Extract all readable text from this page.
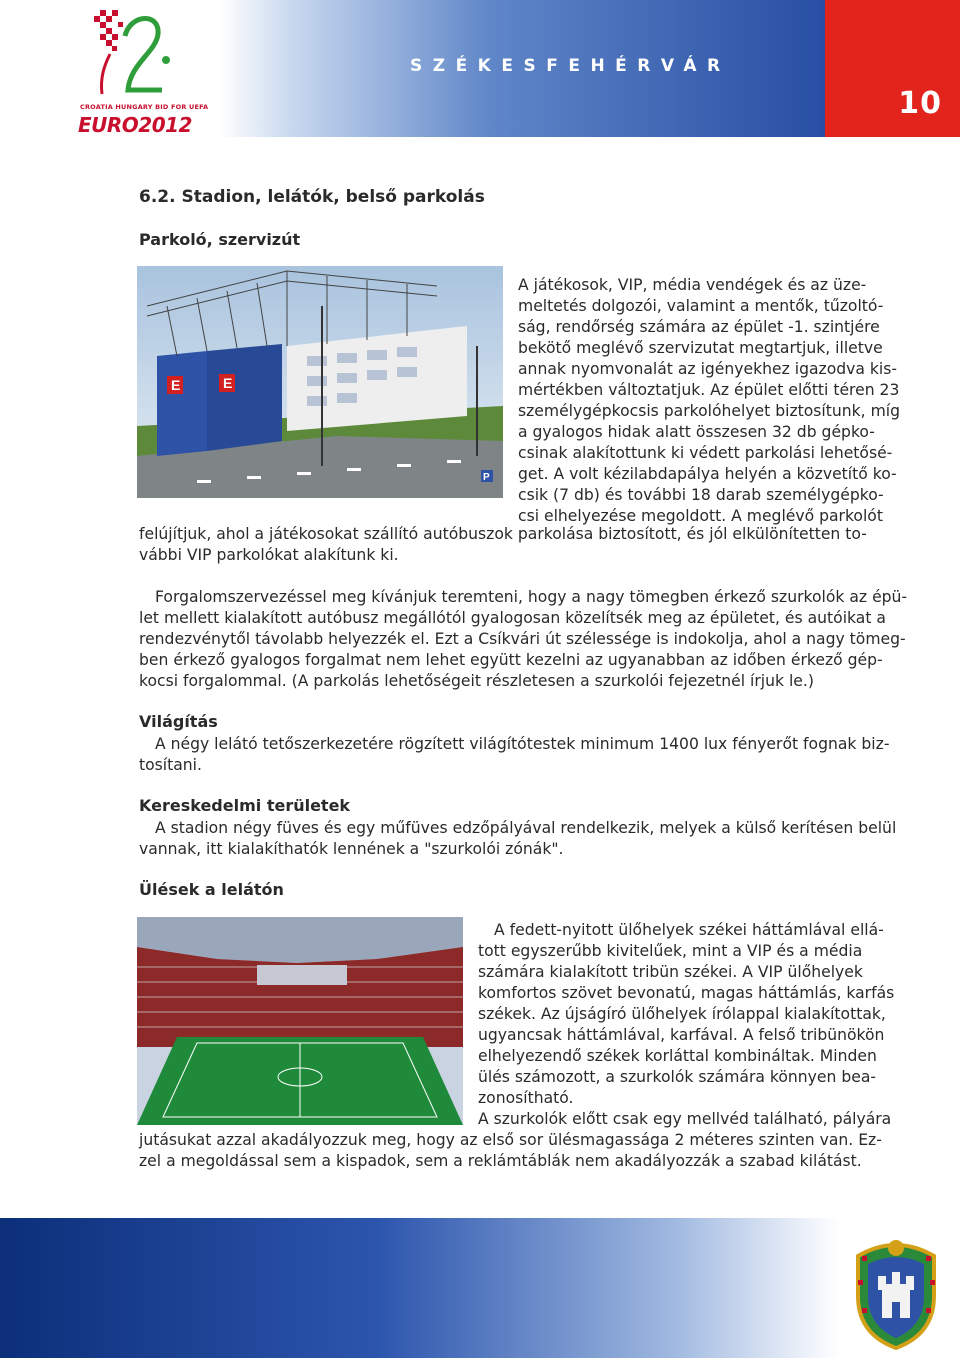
CROATIA HUNGARY BID FOR UEFA
EURO2012
SZÉKESFEHÉRVÁR
10
6.2. Stadion, lelátók, belső parkolás
Parkoló, szervizút
E	E
P
A játékosok, VIP, média vendégek és az üze-
meltetés dolgozói, valamint a mentők, tűzoltó-
ság, rendőrség számára az épület -1. szintjére
bekötő meglévő szervizutat megtartjuk, illetve
annak nyomvonalát az igényekhez igazodva kis-
mértékben változtatjuk. Az épület előtti téren 23
személygépkocsis parkolóhelyet biztosítunk, míg
a gyalogos hidak alatt összesen 32 db gépko-
csinak alakítottunk ki védett parkolási lehetősé-
get. A volt kézilabdapálya helyén a közvetítő ko-
csik (7 db) és további 18 darab személygépko-
csi elhelyezése megoldott. A meglévő parkolót
felújítjuk, ahol a játékosokat szállító autóbuszok parkolása biztosított, és jól elkülönítetten to-
vábbi VIP parkolókat alakítunk ki.
Forgalomszervezéssel meg kívánjuk teremteni, hogy a nagy tömegben érkező szurkolók az épü-
let mellett kialakított autóbusz megállótól gyalogosan közelítsék meg az épületet, és autóikat a
rendezvénytől távolabb helyezzék el. Ezt a Csíkvári út szélessége is indokolja, ahol a nagy tömeg-
ben érkező gyalogos forgalmat nem lehet együtt kezelni az ugyanabban az időben érkező gép-
kocsi forgalommal. (A parkolás lehetőségeit részletesen a szurkolói fejezetnél írjuk le.)
Világítás
A négy lelátó tetőszerkezetére rögzített világítótestek minimum 1400 lux fényerőt fognak biz-
tosítani.
Kereskedelmi területek
A stadion négy füves és egy műfüves edzőpályával rendelkezik, melyek a külső kerítésen belül
vannak, itt kialakíthatók lennének a "szurkolói zónák".
Ülések a lelátón
A fedett-nyitott ülőhelyek székei háttámlával ellá-
tott egyszerűbb kivitelűek, mint a VIP és a média
számára kialakított tribün székei. A VIP ülőhelyek
komfortos szövet bevonatú, magas háttámlás, karfás
székek. Az újságíró ülőhelyek írólappal kialakítottak,
ugyancsak háttámlával, karfával. A felső tribünökön
elhelyezendő székek korláttal kombináltak. Minden
ülés számozott, a szurkolók számára könnyen bea-
zonosítható.
A szurkolók előtt csak egy mellvéd található, pályára
jutásukat azzal akadályozzuk meg, hogy az első sor ülésmagassága 2 méteres szinten van. Ez-
zel a megoldással sem a kispadok, sem a reklámtáblák nem akadályozzák a szabad kilátást.
